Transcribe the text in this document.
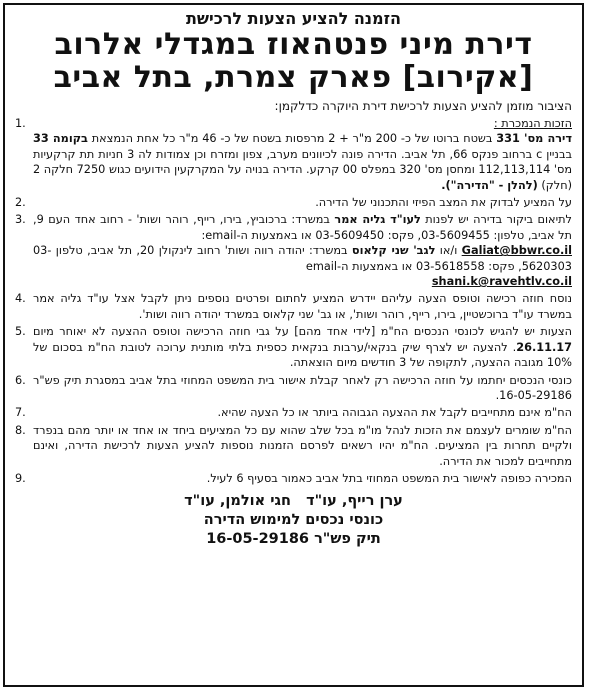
הזמנה להציע הצעות לרכישת
דירת מיני פנטהאוז במגדלי אלרוב
[אקירוב] פארק צמרת, בתל אביב
הציבור מוזמן להציע הצעות לרכישת דירת היוקרה כדלקמן:
1.	הזכות הנמכרת :
דירה מס' 331 בשטח ברוטו של כ- 200 מ"ר + 2 מרפסות בשטח של כ- 46 מ"ר כל אחת הנמצאת בקומה 33 בבניין c ברחוב פנקס 66, תל אביב. הדירה פונה לכיוונים מערב, צפון ומזרח וכן צמודות לה 3 חניות תת קרקעיות מס' 112,113,114 ומחסן מס' 320 במפלס 00 קרקע. הדירה בנויה על המקרקעין הידועים כגוש 7250 חלקה 2 (חלק) (להלן - "הדירה").
2.	על המציע לבדוק את המצב הפיזי והתכנוני של הדירה.
3.	לתיאום ביקור בדירה יש לפנות לעו"ד גליה אמר במשרד: ברכוביץ, בירו, רייף, רוהר ושות' - רחוב אחד העם 9, תל אביב, טלפון: 03-5609455, פקס: 03-5609450 או באמצעות ה-email:
Galiat@bbwr.co.il ו/או לגב' שני קלאוס במשרד: יהודה רווה ושות' רחוב לינקולן 20, תל אביב, טלפון 03-5620303, פקס: 03-5618558 או באמצעות ה-email
shani.k@ravehtlv.co.il
4. נוסח חוזה רכישה וטופס הצעה עליהם יידרש המציע לחתום ופרטים נוספים ניתן לקבל אצל עו"ד גליה אמר במשרד עו"ד ברוכשטיין, בירו, רייף, רוהר ושות', או גב' שני קלאוס במשרד יהודה רווה ושות'.
5. הצעות יש להגיש לכונסי הנכסים הח"מ [לידי אחד מהם] על גבי חוזה הרכישה וטופס ההצעה לא יאוחר מיום 26.11.17. להצעה יש לצרף שיק בנקאי/ערבות בנקאית כספית בלתי מותנית ערוכה לטובת הח"מ בסכום של 10% מגובה ההצעה, לתקופה של 3 חודשים מיום הוצאתה.
6. כונסי הנכסים יחתמו על חוזה הרכישה רק לאחר קבלת אישור בית המשפט המחוזי בתל אביב במסגרת תיק פש"ר 16-05-29186.
7.	הח"מ אינם מתחייבים לקבל את ההצעה הגבוהה ביותר או כל הצעה שהיא.
8. הח"מ שומרים לעצמם את הזכות לנהל מו"מ בכל שלב שהוא עם כל המציעים ביחד או אחד או יותר מהם בנפרד ולקיים תחרות בין המציעים. הח"מ יהיו רשאים לפרסם הזמנות נוספות להציע הצעות לרכישת הדירה, ואינם מתחייבים למכור את הדירה.
9.	המכירה כפופה לאישור בית המשפט המחוזי בתל אביב כאמור בסעיף 6 לעיל.
ערן רייף, עו"ד   חגי אולמן, עו"ד
כונסי נכסים למימוש הדירה
תיק פש"ר 16-05-29186
